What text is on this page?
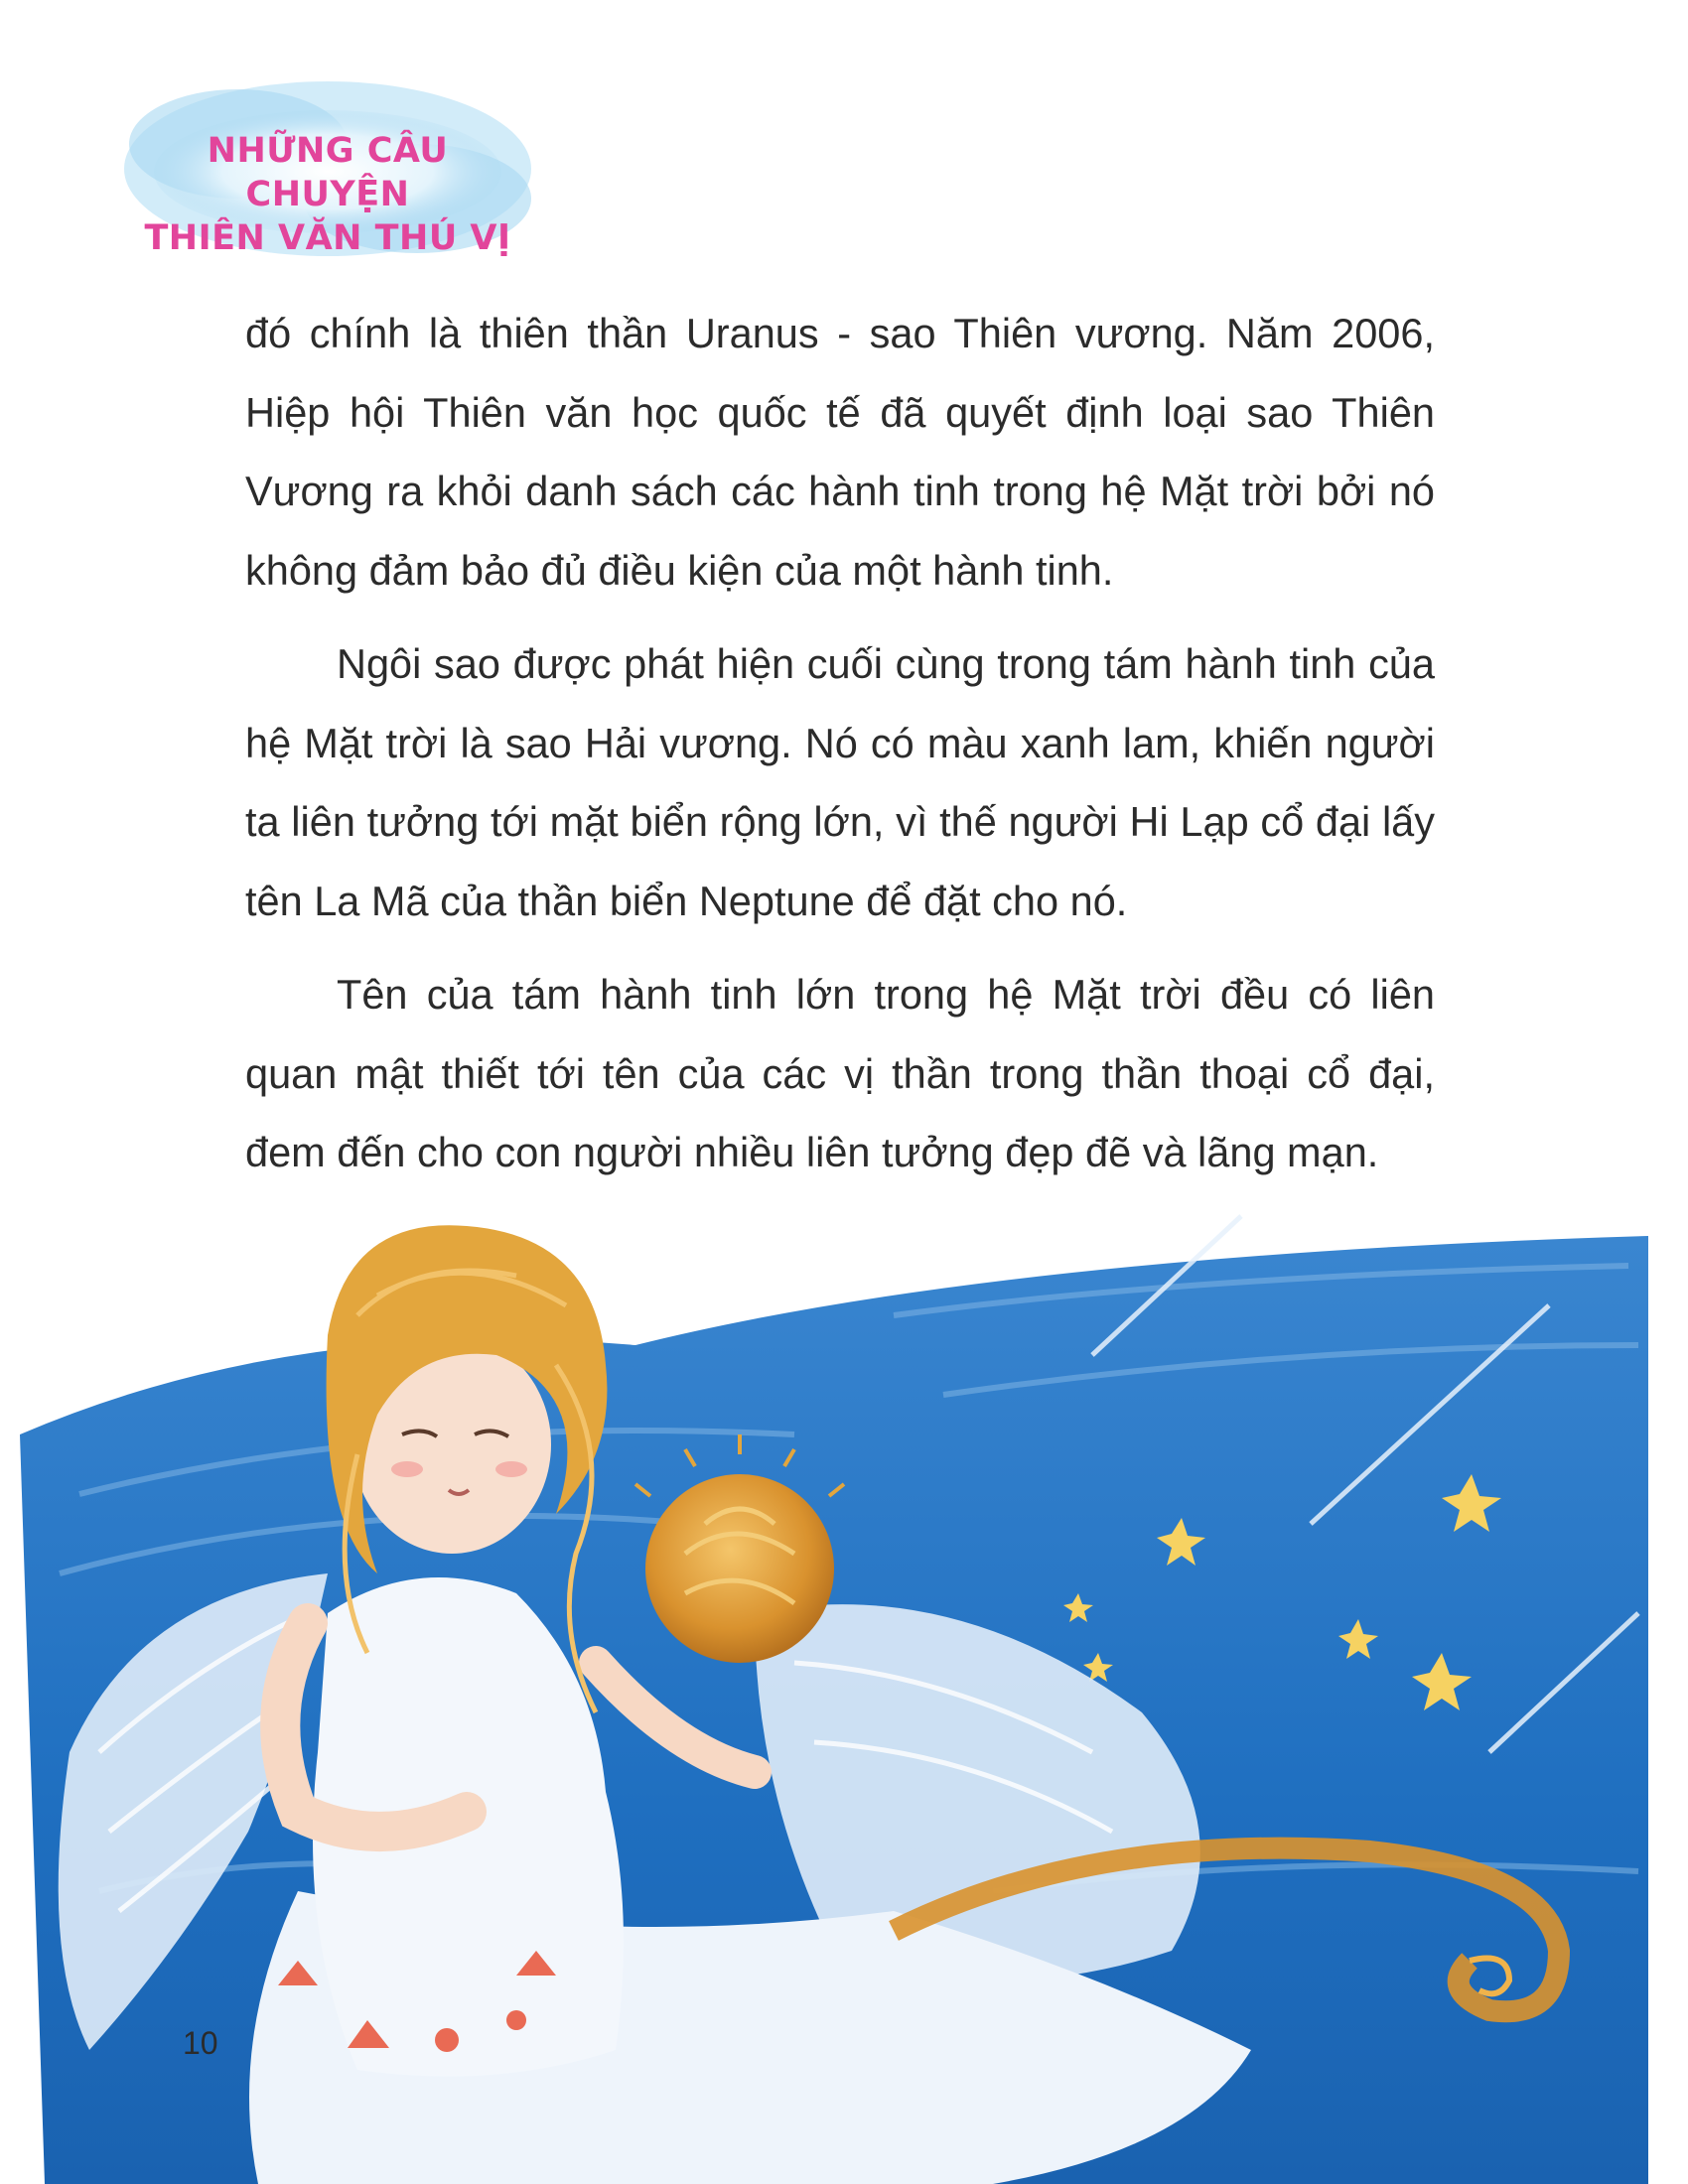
NHỮNG CÂU CHUYỆN
THIÊN VĂN THÚ VỊ

đó chính là thiên thần Uranus - sao Thiên vương. Năm 2006, Hiệp hội Thiên văn học quốc tế đã quyết định loại sao Thiên Vương ra khỏi danh sách các hành tinh trong hệ Mặt trời bởi nó không đảm bảo đủ điều kiện của một hành tinh.

Ngôi sao được phát hiện cuối cùng trong tám hành tinh của hệ Mặt trời là sao Hải vương. Nó có màu xanh lam, khiến người ta liên tưởng tới mặt biển rộng lớn, vì thế người Hi Lạp cổ đại lấy tên La Mã của thần biển Neptune để đặt cho nó.

Tên của tám hành tinh lớn trong hệ Mặt trời đều có liên quan mật thiết tới tên của các vị thần trong thần thoại cổ đại, đem đến cho con người nhiều liên tưởng đẹp đẽ và lãng mạn.

10
